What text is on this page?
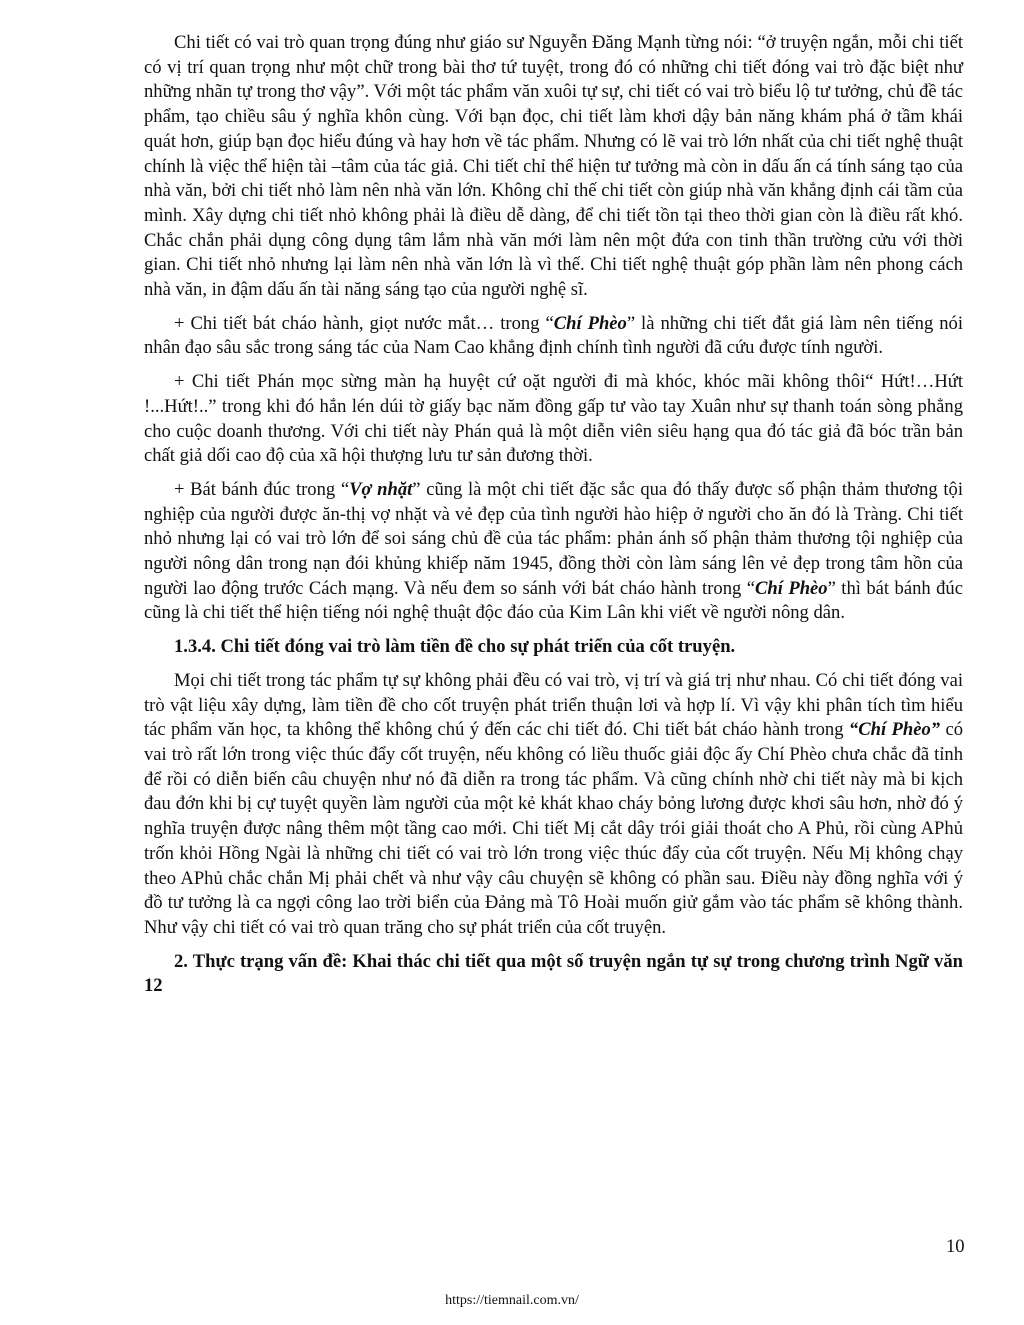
Chi tiết có vai trò quan trọng đúng như giáo sư Nguyễn Đăng Mạnh từng nói: “ở truyện ngắn, mỗi chi tiết có vị trí quan trọng như một chữ trong bài thơ tứ tuyệt, trong đó có những chi tiết đóng vai trò đặc biệt như những nhãn tự trong thơ vậy”. Với một tác phẩm văn xuôi tự sự, chi tiết có vai trò biểu lộ tư tưởng, chủ đề tác phẩm, tạo chiều sâu ý nghĩa khôn cùng. Với bạn đọc, chi tiết làm khơi dậy bản năng khám phá ở tầm khái quát hơn, giúp bạn đọc hiểu đúng và hay hơn về tác phẩm. Nhưng có lẽ vai trò lớn nhất của chi tiết nghệ thuật chính là việc thể hiện tài –tâm của tác giả. Chi tiết chỉ thể hiện tư tưởng mà còn in dấu ấn cá tính sáng tạo của nhà văn, bởi chi tiết nhỏ làm nên nhà văn lớn. Không chỉ thế chi tiết còn giúp nhà văn khẳng định cái tầm của mình. Xây dựng chi tiết nhỏ không phải là điều dễ dàng, để chi tiết tồn tại theo thời gian còn là điều rất khó. Chắc chắn phải dụng công dụng tâm lắm nhà văn mới làm nên một đứa con tinh thần trường cửu với thời gian. Chi tiết nhỏ nhưng lại làm nên nhà văn lớn là vì thế. Chi tiết nghệ thuật góp phần làm nên phong cách nhà văn, in đậm dấu ấn tài năng sáng tạo của người nghệ sĩ.

+ Chi tiết bát cháo hành, giọt nước mắt… trong “Chí Phèo” là những chi tiết đắt giá làm nên tiếng nói nhân đạo sâu sắc trong sáng tác của Nam Cao khẳng định chính tình người đã cứu được tính người.

+ Chi tiết Phán mọc sừng màn hạ huyệt cứ oặt người đi mà khóc, khóc mãi không thôi“ Hứt!…Hứt !...Hứt!..” trong khi đó hắn lén dúi tờ giấy bạc năm đồng gấp tư vào tay Xuân như sự thanh toán sòng phẳng cho cuộc doanh thương. Với chi tiết này Phán quả là một diễn viên siêu hạng qua đó tác giả đã bóc trần bản chất giả dối cao độ của xã hội thượng lưu tư sản đương thời.

+ Bát bánh đúc trong “Vợ nhặt” cũng là một chi tiết đặc sắc qua đó thấy được số phận thảm thương tội nghiệp của người được ăn-thị vợ nhặt và vẻ đẹp của tình người hào hiệp ở người cho ăn đó là Tràng. Chi tiết nhỏ nhưng lại có vai trò lớn để soi sáng chủ đề của tác phẩm: phản ánh số phận thảm thương tội nghiệp của người nông dân trong nạn đói khủng khiếp năm 1945, đồng thời còn làm sáng lên vẻ đẹp trong tâm hồn của người lao động trước Cách mạng. Và nếu đem so sánh với bát cháo hành trong “Chí Phèo” thì bát bánh đúc cũng là chi tiết thể hiện tiếng nói nghệ thuật độc đáo của Kim Lân khi viết về người nông dân.

1.3.4. Chi tiết đóng vai trò làm tiền đề cho sự phát triển của cốt truyện.

Mọi chi tiết trong tác phẩm tự sự không phải đều có vai trò, vị trí và giá trị như nhau. Có chi tiết đóng vai trò vật liệu xây dựng, làm tiền đề cho cốt truyện phát triển thuận lơi và hợp lí. Vì vậy khi phân tích tìm hiểu tác phẩm văn học, ta không thể không chú ý đến các chi tiết đó. Chi tiết bát cháo hành trong “Chí Phèo” có vai trò rất lớn trong việc thúc đẩy cốt truyện, nếu không có liều thuốc giải độc ấy Chí Phèo chưa chắc đã tỉnh để rồi có diễn biến câu chuyện như nó đã diễn ra trong tác phẩm. Và cũng chính nhờ chi tiết này mà bi kịch đau đớn khi bị cự tuyệt quyền làm người của một kẻ khát khao cháy bỏng lương được khơi sâu hơn, nhờ đó ý nghĩa truyện được nâng thêm một tầng cao mới. Chi tiết Mị cắt dây trói giải thoát cho A Phủ, rồi cùng APhủ trốn khỏi Hồng Ngài là những chi tiết có vai trò lớn trong việc thúc đẩy của cốt truyện. Nếu Mị không chạy theo APhủ chắc chắn Mị phải chết và như vậy câu chuyện sẽ không có phần sau. Điều này đồng nghĩa với ý đồ tư tưởng là ca ngợi công lao trời biển của Đảng mà Tô Hoài muốn giử gắm vào tác phẩm sẽ không thành. Như vậy chi tiết có vai trò quan trăng cho sự phát triển của cốt truyện.

2. Thực trạng vấn đề: Khai thác chi tiết qua một số truyện ngắn tự sự trong chương trình Ngữ văn 12

10
https://tiemnail.com.vn/
